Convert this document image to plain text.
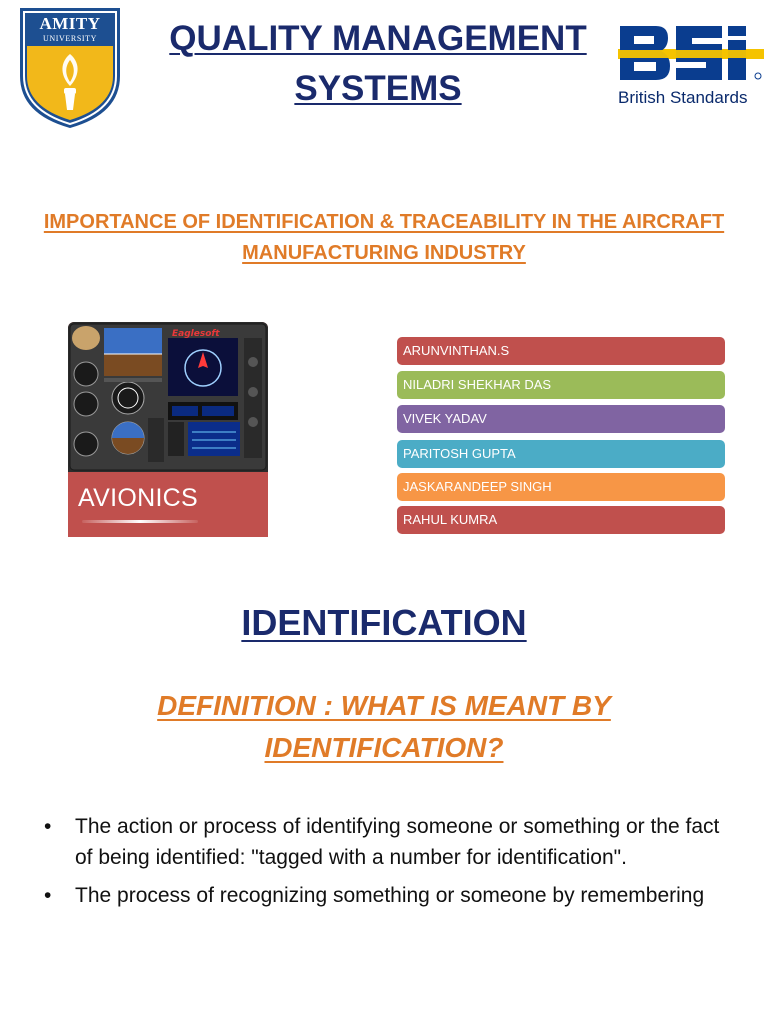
AMITY
UNIVERSITY	QUALITY MANAGEMENT SYSTEMS	British Standards
IMPORTANCE OF IDENTIFICATION & TRACEABILITY IN THE AIRCRAFT MANUFACTURING INDUSTRY
Eaglesoft
AVIONICS
ARUNVINTHAN.S
NILADRI SHEKHAR DAS
VIVEK YADAV
PARITOSH GUPTA
JASKARANDEEP SINGH
RAHUL KUMRA
IDENTIFICATION
DEFINITION : WHAT IS MEANT BY IDENTIFICATION?
• The action or process of identifying someone or something or the fact of being identified: "tagged with a number for identification".
• The process of recognizing something or someone by remembering
